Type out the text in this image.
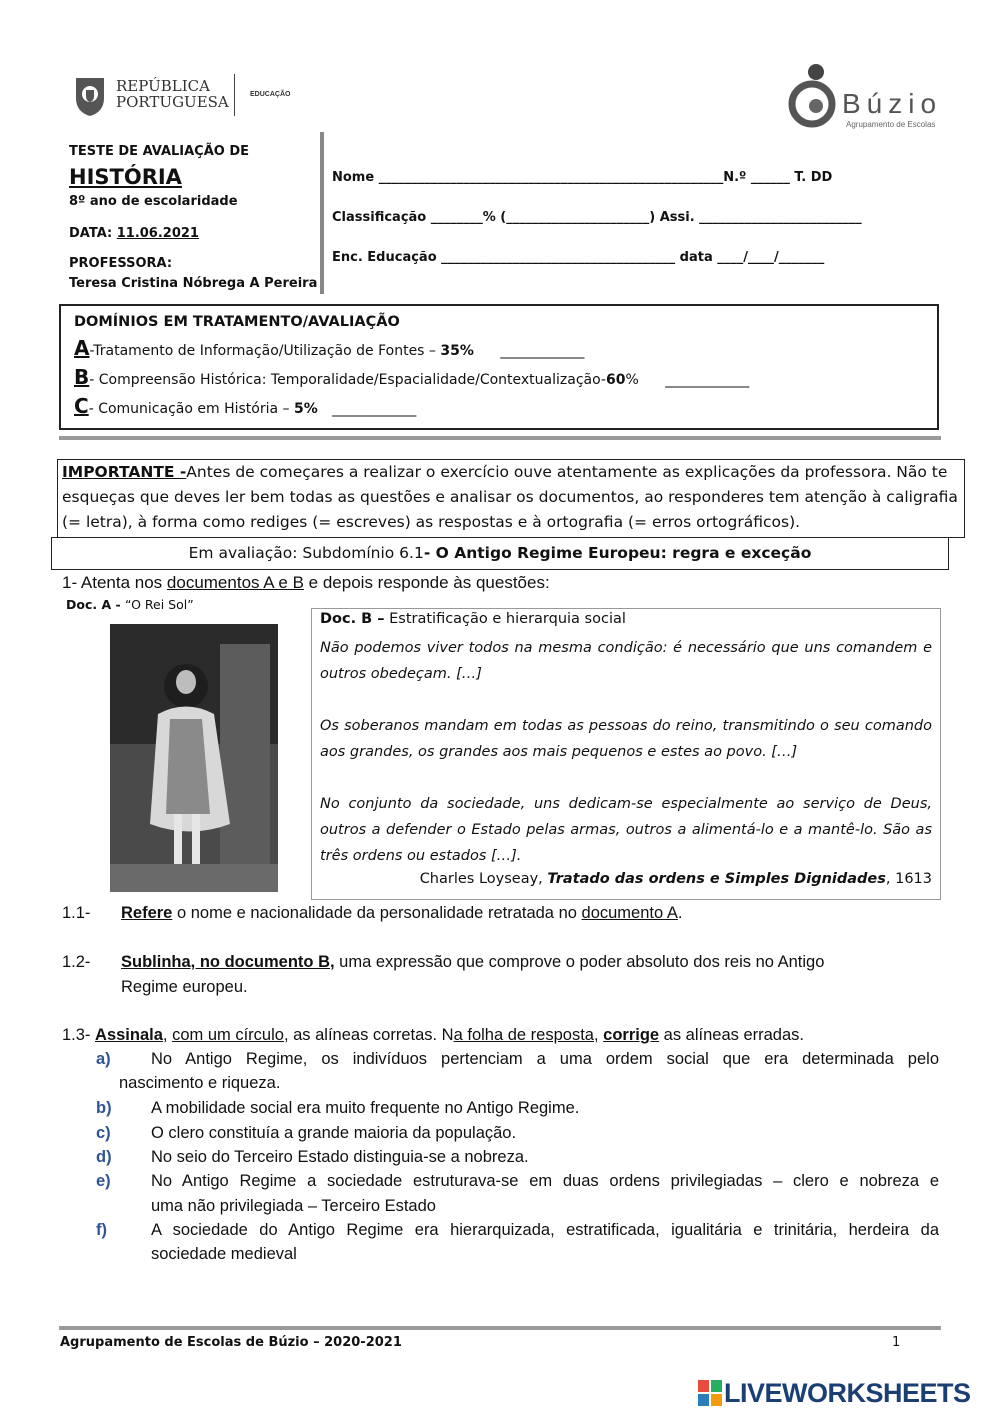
REPÚBLICA
PORTUGUESA	EDUCAÇÃO	Búzio
Agrupamento de Escolas
TESTE DE AVALIAÇÃO DE
HISTÓRIA
8º ano de escolaridade
DATA: 11.06.2021
PROFESSORA:
Teresa Cristina Nóbrega A Pereira
Nome _____________________________________________________N.º ______ T. DD
Classificação ________% (______________________) Assi. _________________________
Enc. Educação ____________________________________ data ____/____/_______
DOMÍNIOS EM TRATAMENTO/AVALIAÇÃO
A-Tratamento de Informação/Utilização de Fontes – 35% ____________
B- Compreensão Histórica: Temporalidade/Espacialidade/Contextualização-60% ____________
C- Comunicação em História – 5% ____________
IMPORTANTE -Antes de começares a realizar o exercício ouve atentamente as explicações da professora. Não te esqueças que deves ler bem todas as questões e analisar os documentos, ao responderes tem atenção à caligrafia (= letra), à forma como rediges (= escreves) as respostas e à ortografia (= erros ortográficos).
Em avaliação: Subdomínio 6.1- O Antigo Regime Europeu: regra e exceção
1- Atenta nos documentos A e B e depois responde às questões:
Doc. A - “O Rei Sol”
Doc. B – Estratificação e hierarquia social
Não podemos viver todos na mesma condição: é necessário que uns comandem e outros obedeçam. […]
Os soberanos mandam em todas as pessoas do reino, transmitindo o seu comando aos grandes, os grandes aos mais pequenos e estes ao povo. […]
No conjunto da sociedade, uns dedicam-se especialmente ao serviço de Deus, outros a defender o Estado pelas armas, outros a alimentá-lo e a mantê-lo. São as três ordens ou estados […].
Charles Loyseay, Tratado das ordens e Simples Dignidades, 1613
1.1- Refere o nome e nacionalidade da personalidade retratada no documento A.
1.2- Sublinha, no documento B, uma expressão que comprove o poder absoluto dos reis no Antigo
Regime europeu.
1.3- Assinala, com um círculo, as alíneas corretas. Na folha de resposta, corrige as alíneas erradas.
a) No Antigo Regime, os indivíduos pertenciam a uma ordem social que era determinada pelo
nascimento e riqueza.
b) A mobilidade social era muito frequente no Antigo Regime.
c) O clero constituía a grande maioria da população.
d) No seio do Terceiro Estado distinguia-se a nobreza.
e) No Antigo Regime a sociedade estruturava-se em duas ordens privilegiadas – clero e nobreza e
uma não privilegiada – Terceiro Estado
f)	A sociedade do Antigo Regime era hierarquizada, estratificada, igualitária e trinitária, herdeira da
sociedade medieval
Agrupamento de Escolas de Búzio – 2020-2021	1
LIVEWORKSHEETS
